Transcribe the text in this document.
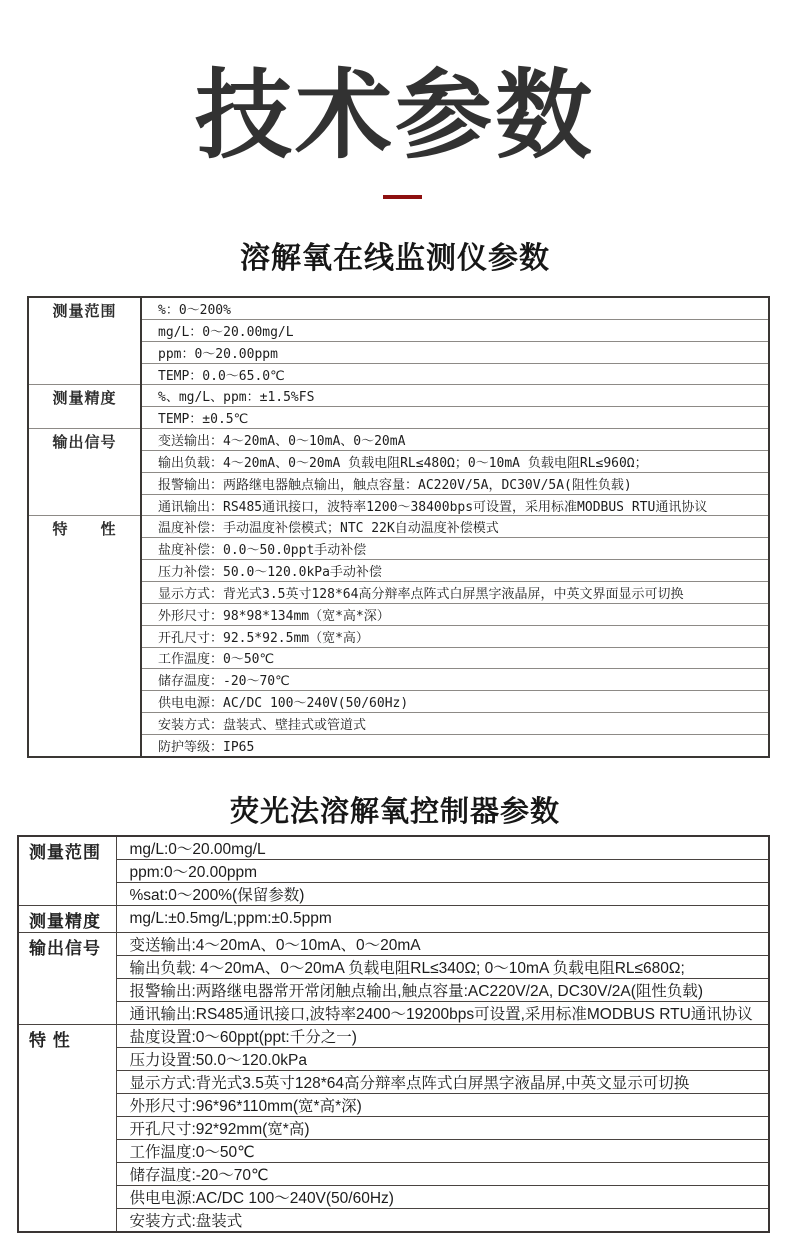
技术参数
溶解氧在线监测仪参数
测量范围	%：0～200%
	mg/L：0～20.00mg/L
	ppm：0～20.00ppm
	TEMP：0.0～65.0℃
测量精度	%、mg/L、ppm：±1.5%FS
	TEMP：±0.5℃
输出信号	变送输出：4～20mA、0～10mA、0～20mA
	输出负载：4～20mA、0～20mA 负载电阻RL≤480Ω；0～10mA 负载电阻RL≤960Ω；
	报警输出：两路继电器触点输出，触点容量：AC220V/5A，DC30V/5A(阻性负载)
	通讯输出：RS485通讯接口，波特率1200～38400bps可设置，采用标准MODBUS RTU通讯协议
特　　性	温度补偿：手动温度补偿模式；NTC 22K自动温度补偿模式
	盐度补偿：0.0～50.0ppt手动补偿
	压力补偿：50.0～120.0kPa手动补偿
	显示方式：背光式3.5英寸128*64高分辩率点阵式白屏黑字液晶屏，中英文界面显示可切换
	外形尺寸：98*98*134mm（宽*高*深）
	开孔尺寸：92.5*92.5mm（宽*高）
	工作温度：0～50℃
	储存温度：-20～70℃
	供电电源：AC/DC 100～240V(50/60Hz)
	安装方式：盘装式、壁挂式或管道式
	防护等级：IP65
荧光法溶解氧控制器参数
测量范围	mg/L:0～20.00mg/L
	ppm:0～20.00ppm
	%sat:0～200%(保留参数)
测量精度	mg/L:±0.5mg/L;ppm:±0.5ppm
输出信号	变送输出:4～20mA、0～10mA、0～20mA
	输出负载: 4～20mA、0～20mA 负载电阻RL≤340Ω; 0～10mA 负载电阻RL≤680Ω;
	报警输出:两路继电器常开常闭触点输出,触点容量:AC220V/2A, DC30V/2A(阻性负载)
	通讯输出:RS485通讯接口,波特率2400～19200bps可设置,采用标准MODBUS RTU通讯协议
特 性	盐度设置:0～60ppt(ppt:千分之一)
	压力设置:50.0～120.0kPa
	显示方式:背光式3.5英寸128*64高分辩率点阵式白屏黑字液晶屏,中英文显示可切换
	外形尺寸:96*96*110mm(宽*高*深)
	开孔尺寸:92*92mm(宽*高)
	工作温度:0～50℃
	储存温度:-20～70℃
	供电电源:AC/DC 100～240V(50/60Hz)
	安装方式:盘装式
